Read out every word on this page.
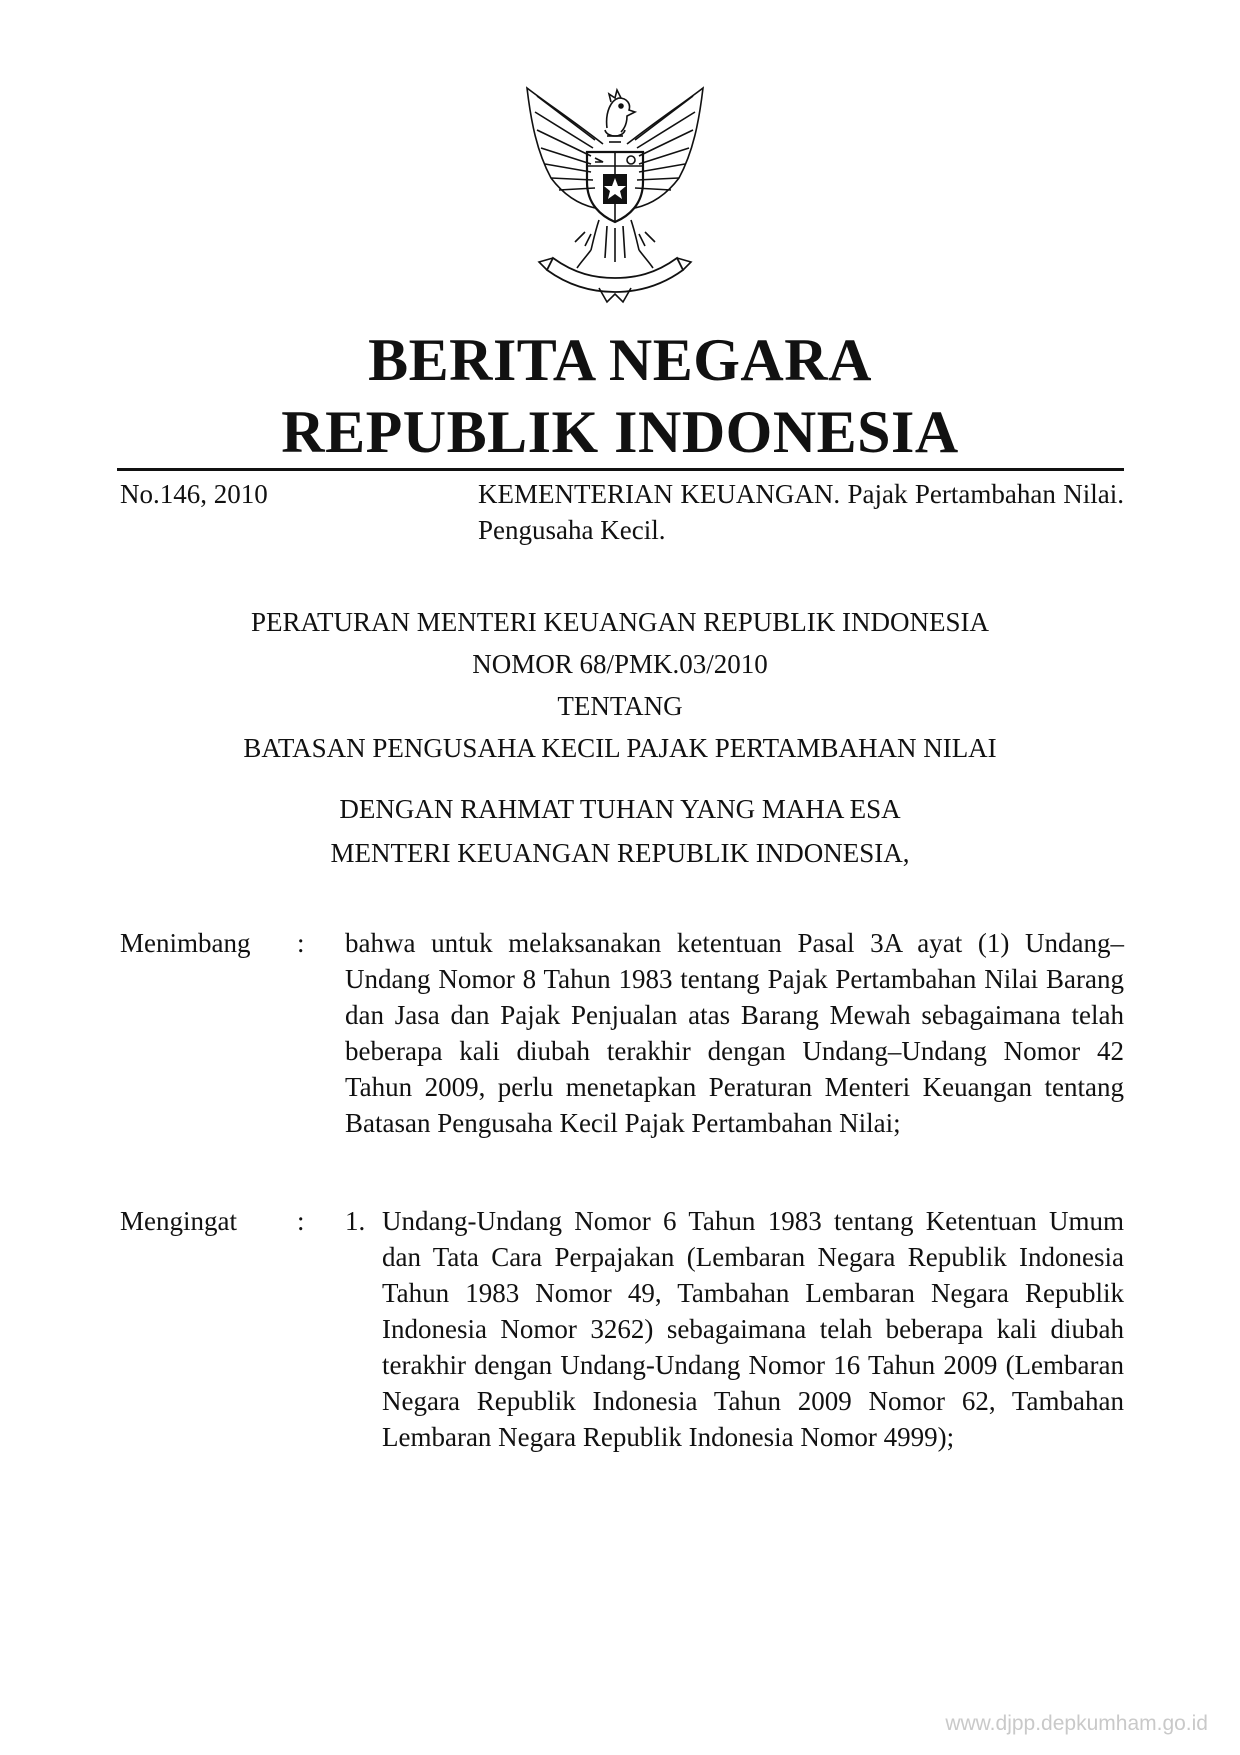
BERITA NEGARA
REPUBLIK INDONESIA
No.146, 2010	KEMENTERIAN KEUANGAN. Pajak Pertambahan Nilai. Pengusaha Kecil.
PERATURAN MENTERI KEUANGAN REPUBLIK INDONESIA
NOMOR 68/PMK.03/2010
TENTANG
BATASAN PENGUSAHA KECIL PAJAK PERTAMBAHAN NILAI
DENGAN RAHMAT TUHAN YANG MAHA ESA
MENTERI KEUANGAN REPUBLIK INDONESIA,
Menimbang : bahwa untuk melaksanakan ketentuan Pasal 3A ayat (1) Undang–Undang Nomor 8 Tahun 1983 tentang Pajak Pertambahan Nilai Barang dan Jasa dan Pajak Penjualan atas Barang Mewah sebagaimana telah beberapa kali diubah terakhir dengan Undang–Undang Nomor 42 Tahun 2009, perlu menetapkan Peraturan Menteri Keuangan tentang Batasan Pengusaha Kecil Pajak Pertambahan Nilai;
Mengingat : 1. Undang-Undang Nomor 6 Tahun 1983 tentang Ketentuan Umum dan Tata Cara Perpajakan (Lembaran Negara Republik Indonesia Tahun 1983 Nomor 49, Tambahan Lembaran Negara Republik Indonesia Nomor 3262) sebagaimana telah beberapa kali diubah terakhir dengan Undang-Undang Nomor 16 Tahun 2009 (Lembaran Negara Republik Indonesia Tahun 2009 Nomor 62, Tambahan Lembaran Negara Republik Indonesia Nomor 4999);
www.djpp.depkumham.go.id
